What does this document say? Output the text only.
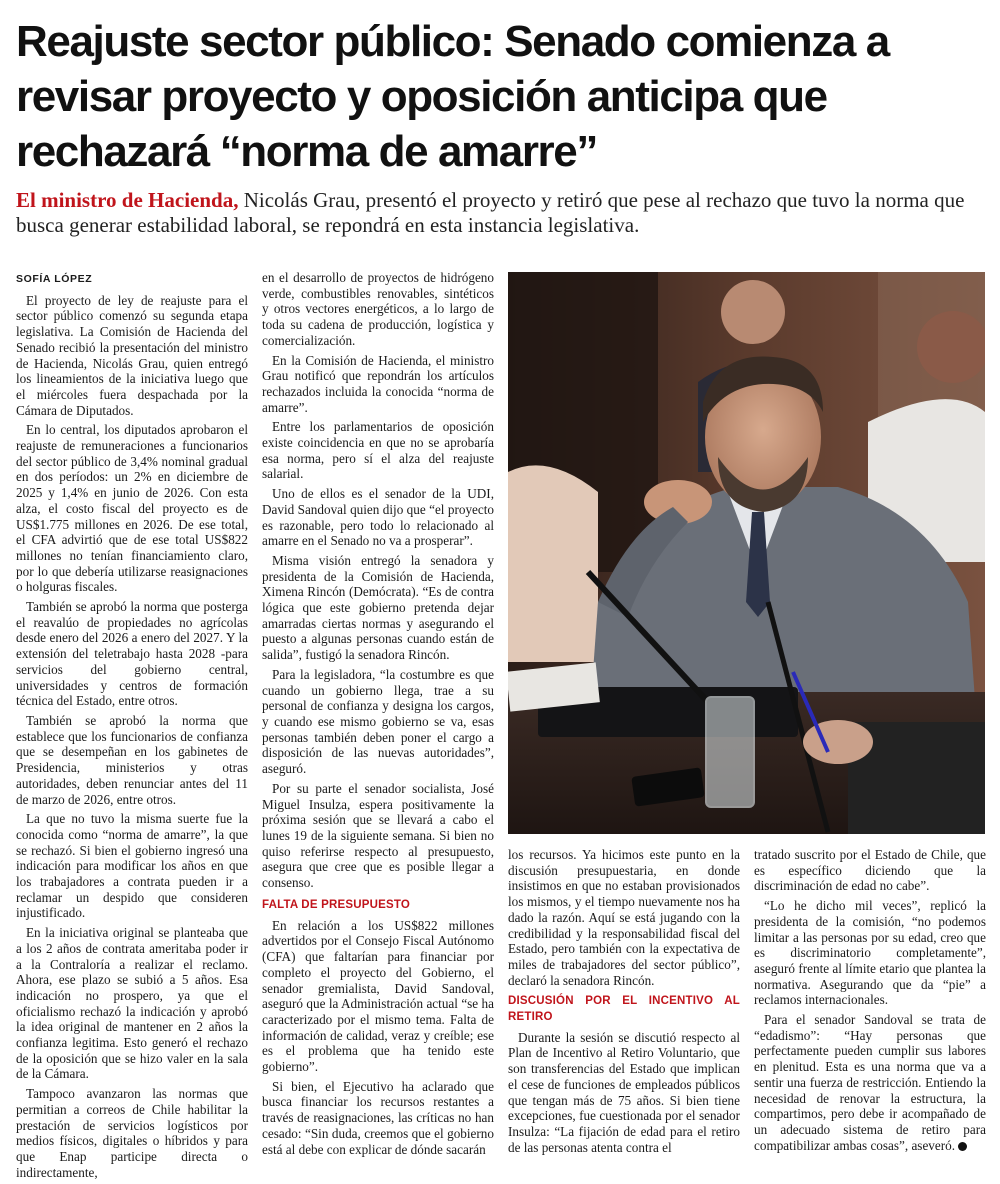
Reajuste sector público: Senado comienza a revisar proyecto y oposición anticipa que rechazará “norma de amarre”

El ministro de Hacienda, Nicolás Grau, presentó el proyecto y retiró que pese al rechazo que tuvo la norma que busca generar estabilidad laboral, se repondrá en esta instancia legislativa.

SOFÍA LÓPEZ

El proyecto de ley de reajuste para el sector público comenzó su segunda etapa legislativa. La Comisión de Hacienda del Senado recibió la presentación del ministro de Hacienda, Nicolás Grau, quien entregó los lineamientos de la iniciativa luego que el miércoles fuera despachada por la Cámara de Diputados.

En lo central, los diputados aprobaron el reajuste de remuneraciones a funcionarios del sector público de 3,4% nominal gradual en dos períodos: un 2% en diciembre de 2025 y 1,4% en junio de 2026. Con esta alza, el costo fiscal del proyecto es de US$1.775 millones en 2026. De ese total, el CFA advirtió que de ese total US$822 millones no tenían financiamiento claro, por lo que debería utilizarse reasignaciones o holguras fiscales.

También se aprobó la norma que posterga el reavalúo de propiedades no agrícolas desde enero del 2026 a enero del 2027. Y la extensión del teletrabajo hasta 2028 -para servicios del gobierno central, universidades y centros de formación técnica del Estado, entre otros.

También se aprobó la norma que establece que los funcionarios de confianza que se desempeñan en los gabinetes de Presidencia, ministerios y otras autoridades, deben renunciar antes del 11 de marzo de 2026, entre otros.

La que no tuvo la misma suerte fue la conocida como “norma de amarre”, la que se rechazó. Si bien el gobierno ingresó una indicación para modificar los años en que los trabajadores a contrata pueden ir a reclamar un despido que consideren injustificado.

En la iniciativa original se planteaba que a los 2 años de contrata ameritaba poder ir a la Contraloría a realizar el reclamo. Ahora, ese plazo se subió a 5 años. Esa indicación no prospero, ya que el oficialismo rechazó la indicación y aprobó la idea original de mantener en 2 años la confianza legitima. Esto generó el rechazo de la oposición que se hizo valer en la sala de la Cámara.

Tampoco avanzaron las normas que permitian a correos de Chile habilitar la prestación de servicios logísticos por medios físicos, digitales o híbridos y para que Enap participe directa o indirectamente,

en el desarrollo de proyectos de hidrógeno verde, combustibles renovables, sintéticos y otros vectores energéticos, a lo largo de toda su cadena de producción, logística y comercialización.

En la Comisión de Hacienda, el ministro Grau notificó que repondrán los artículos rechazados incluida la conocida “norma de amarre”.

Entre los parlamentarios de oposición existe coincidencia en que no se aprobaría esa norma, pero sí el alza del reajuste salarial.

Uno de ellos es el senador de la UDI, David Sandoval quien dijo que “el proyecto es razonable, pero todo lo relacionado al amarre en el Senado no va a prosperar”.

Misma visión entregó la senadora y presidenta de la Comisión de Hacienda, Ximena Rincón (Demócrata). “Es de contra lógica que este gobierno pretenda dejar amarradas ciertas normas y asegurando el puesto a algunas personas cuando están de salida”, fustigó la senadora Rincón.

Para la legisladora, “la costumbre es que cuando un gobierno llega, trae a su personal de confianza y designa los cargos, y cuando ese mismo gobierno se va, esas personas también deben poner el cargo a disposición de las nuevas autoridades”, aseguró.

Por su parte el senador socialista, José Miguel Insulza, espera positivamente la próxima sesión que se llevará a cabo el lunes 19 de la siguiente semana. Si bien no quiso referirse respecto al presupuesto, asegura que cree que es posible llegar a consenso.

FALTA DE PRESUPUESTO

En relación a los US$822 millones advertidos por el Consejo Fiscal Autónomo (CFA) que faltarían para financiar por completo el proyecto del Gobierno, el senador gremialista, David Sandoval, aseguró que la Administración actual “se ha caracterizado por el mismo tema. Falta de información de calidad, veraz y creíble; ese es el problema que ha tenido este gobierno”.

Si bien, el Ejecutivo ha aclarado que busca financiar los recursos restantes a través de reasignaciones, las críticas no han cesado: “Sin duda, creemos que el gobierno está al debe con explicar de dónde sacarán

los recursos. Ya hicimos este punto en la discusión presupuestaria, en donde insistimos en que no estaban provisionados los mismos, y el tiempo nuevamente nos ha dado la razón. Aquí se está jugando con la credibilidad y la responsabilidad fiscal del Estado, pero también con la expectativa de miles de trabajadores del sector público”, declaró la senadora Rincón.

DISCUSIÓN POR EL INCENTIVO AL RETIRO

Durante la sesión se discutió respecto al Plan de Incentivo al Retiro Voluntario, que son transferencias del Estado que implican el cese de funciones de empleados públicos que tengan más de 75 años. Si bien tiene excepciones, fue cuestionada por el senador Insulza: “La fijación de edad para el retiro de las personas atenta contra el

tratado suscrito por el Estado de Chile, que es específico diciendo que la discriminación de edad no cabe”.

“Lo he dicho mil veces”, replicó la presidenta de la comisión, “no podemos limitar a las personas por su edad, creo que es discriminatorio completamente”, aseguró frente al límite etario que plantea la normativa. Asegurando que da “pie” a reclamos internacionales.

Para el senador Sandoval se trata de “edadismo”: “Hay personas que perfectamente pueden cumplir sus labores en plenitud. Esta es una norma que va a sentir una fuerza de restricción. Entiendo la necesidad de renovar la estructura, la compartimos, pero debe ir acompañado de un adecuado sistema de retiro para compatibilizar ambas cosas”, aseveró.
